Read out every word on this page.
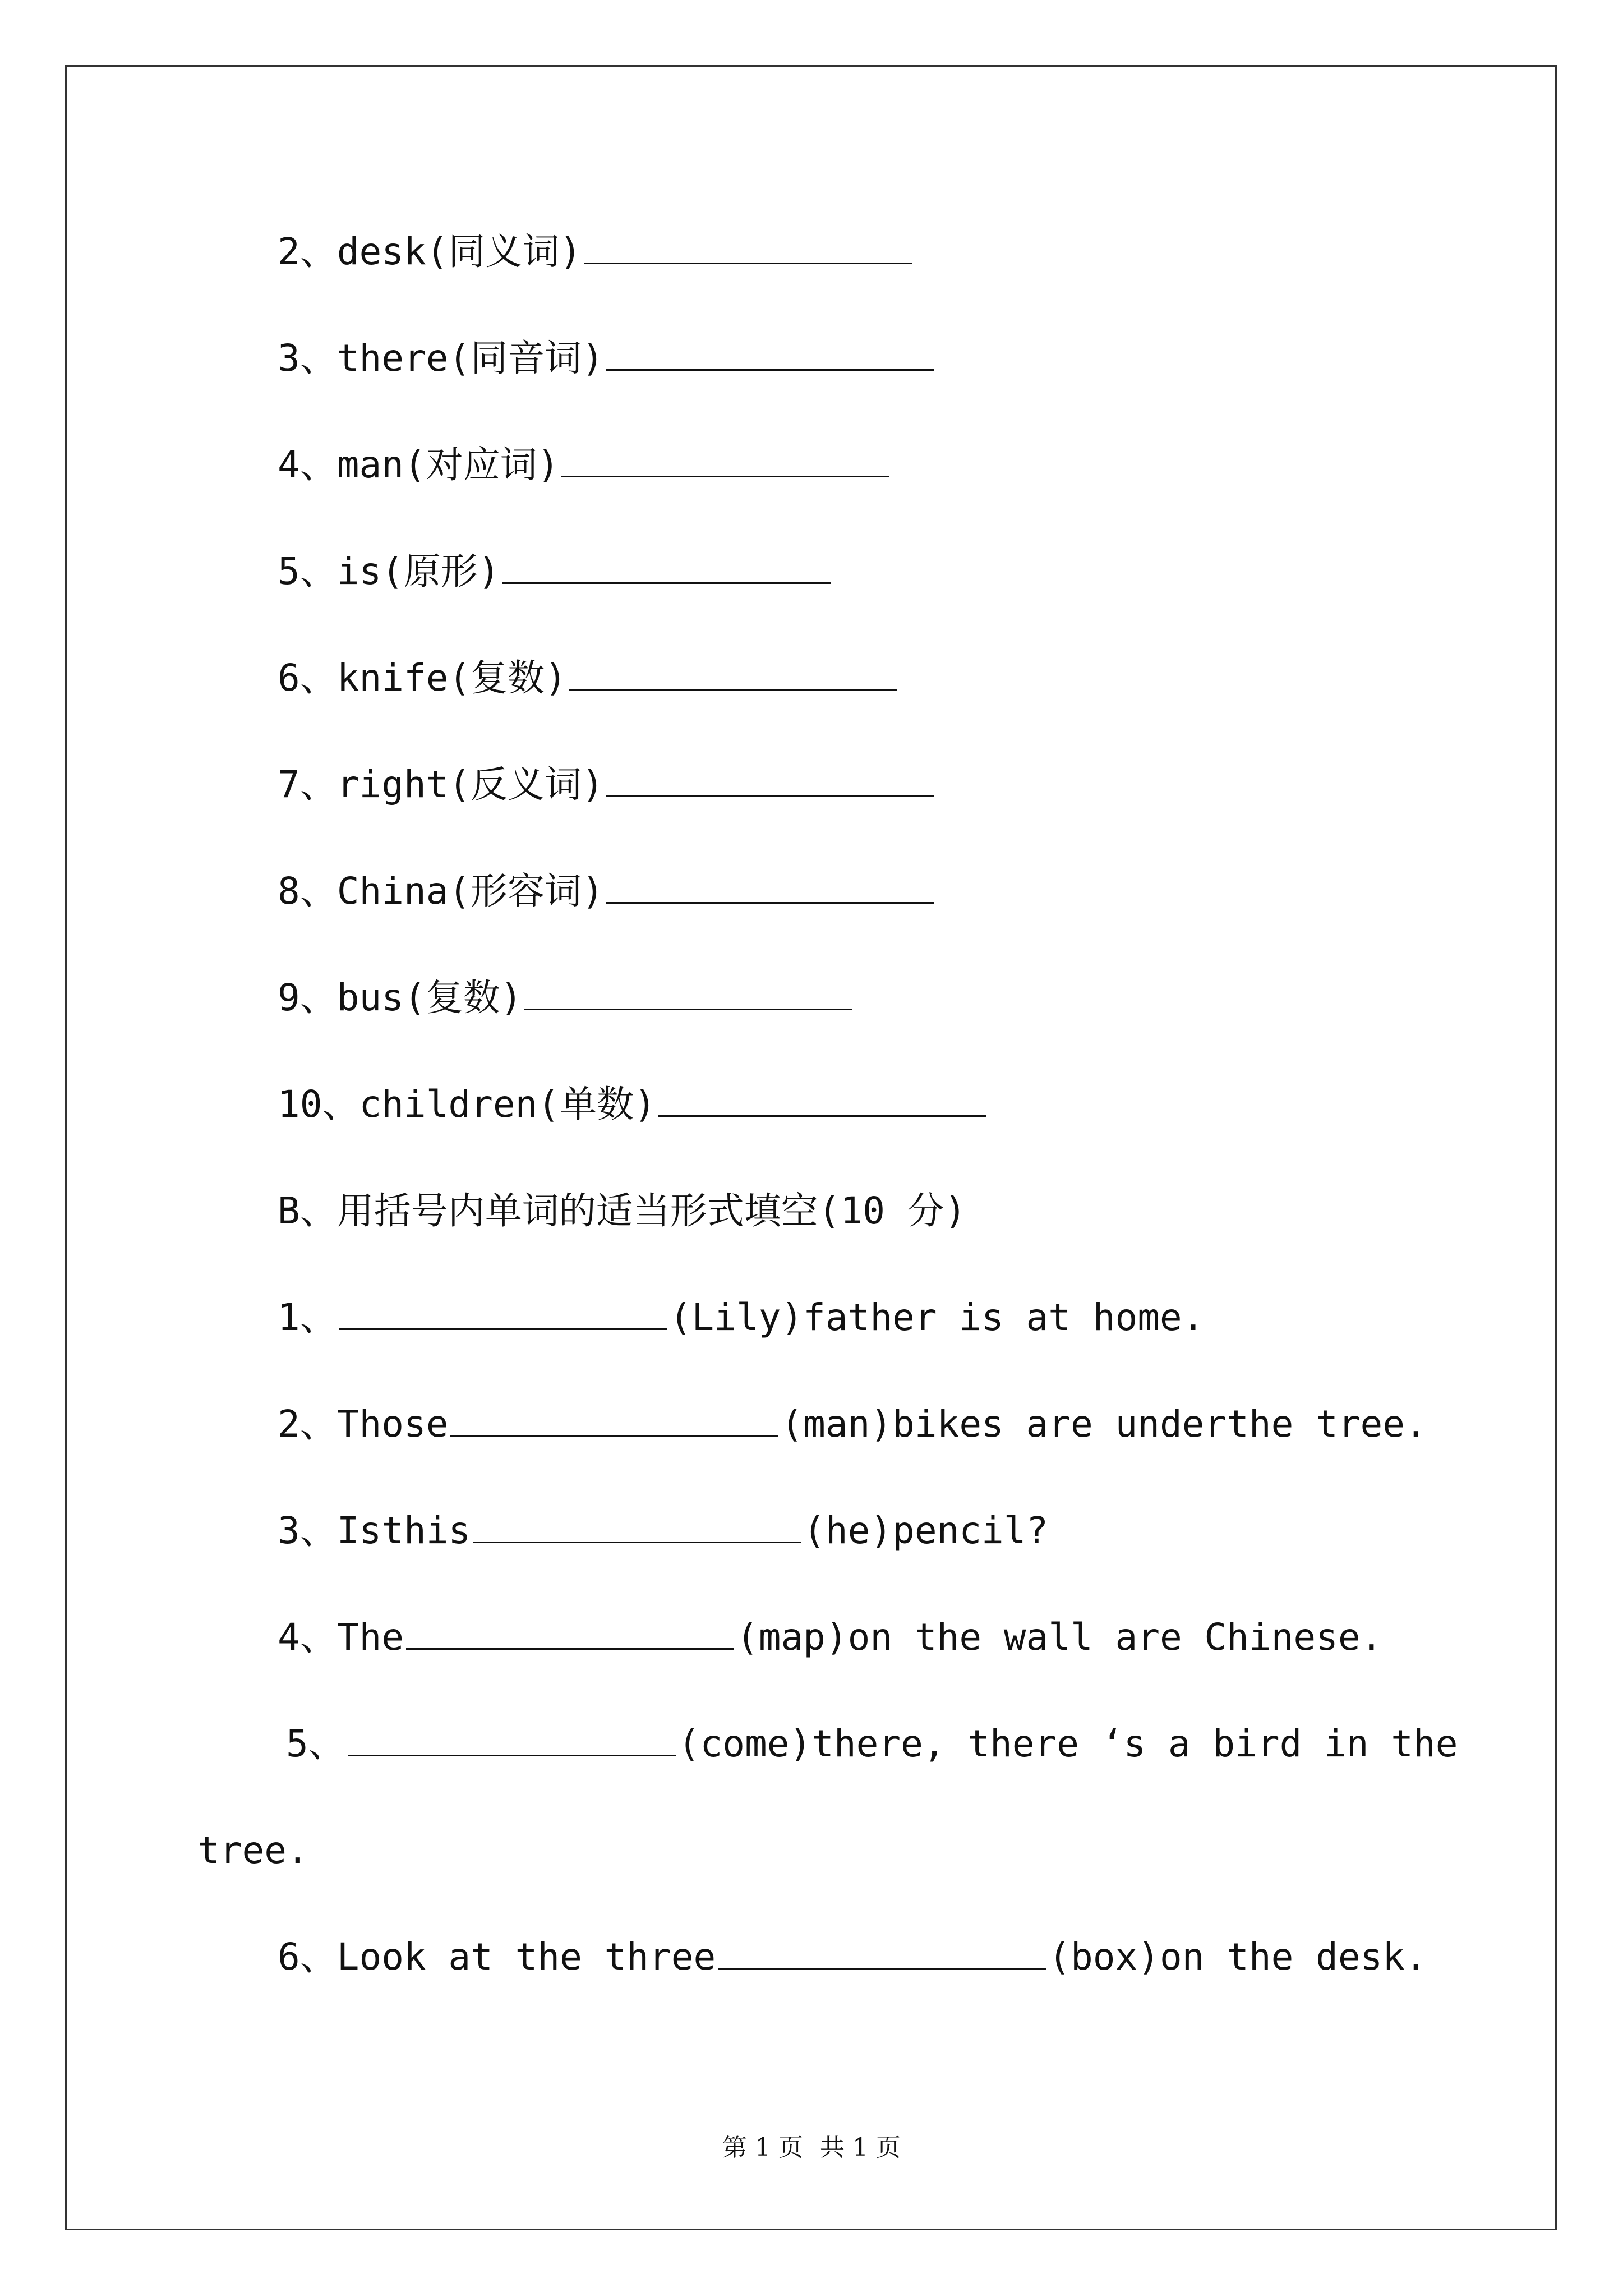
2、desk(同义词)
3、there(同音词)
4、man(对应词)
5、is(原形)
6、knife(复数)
7、right(反义词)
8、China(形容词)
9、bus(复数)
10、children(单数)
B、用括号内单词的适当形式填空(10 分)
1、	(Lily)father is at home.
2、Those	(man)bikes are underthe tree.
3、Isthis	(he)pencil?
4、The	(map)on the wall are Chinese.
5、	(come)there, there ‘s a bird in the
tree.
6、Look at the three	(box)on the desk.
第 1 页 共 1 页
